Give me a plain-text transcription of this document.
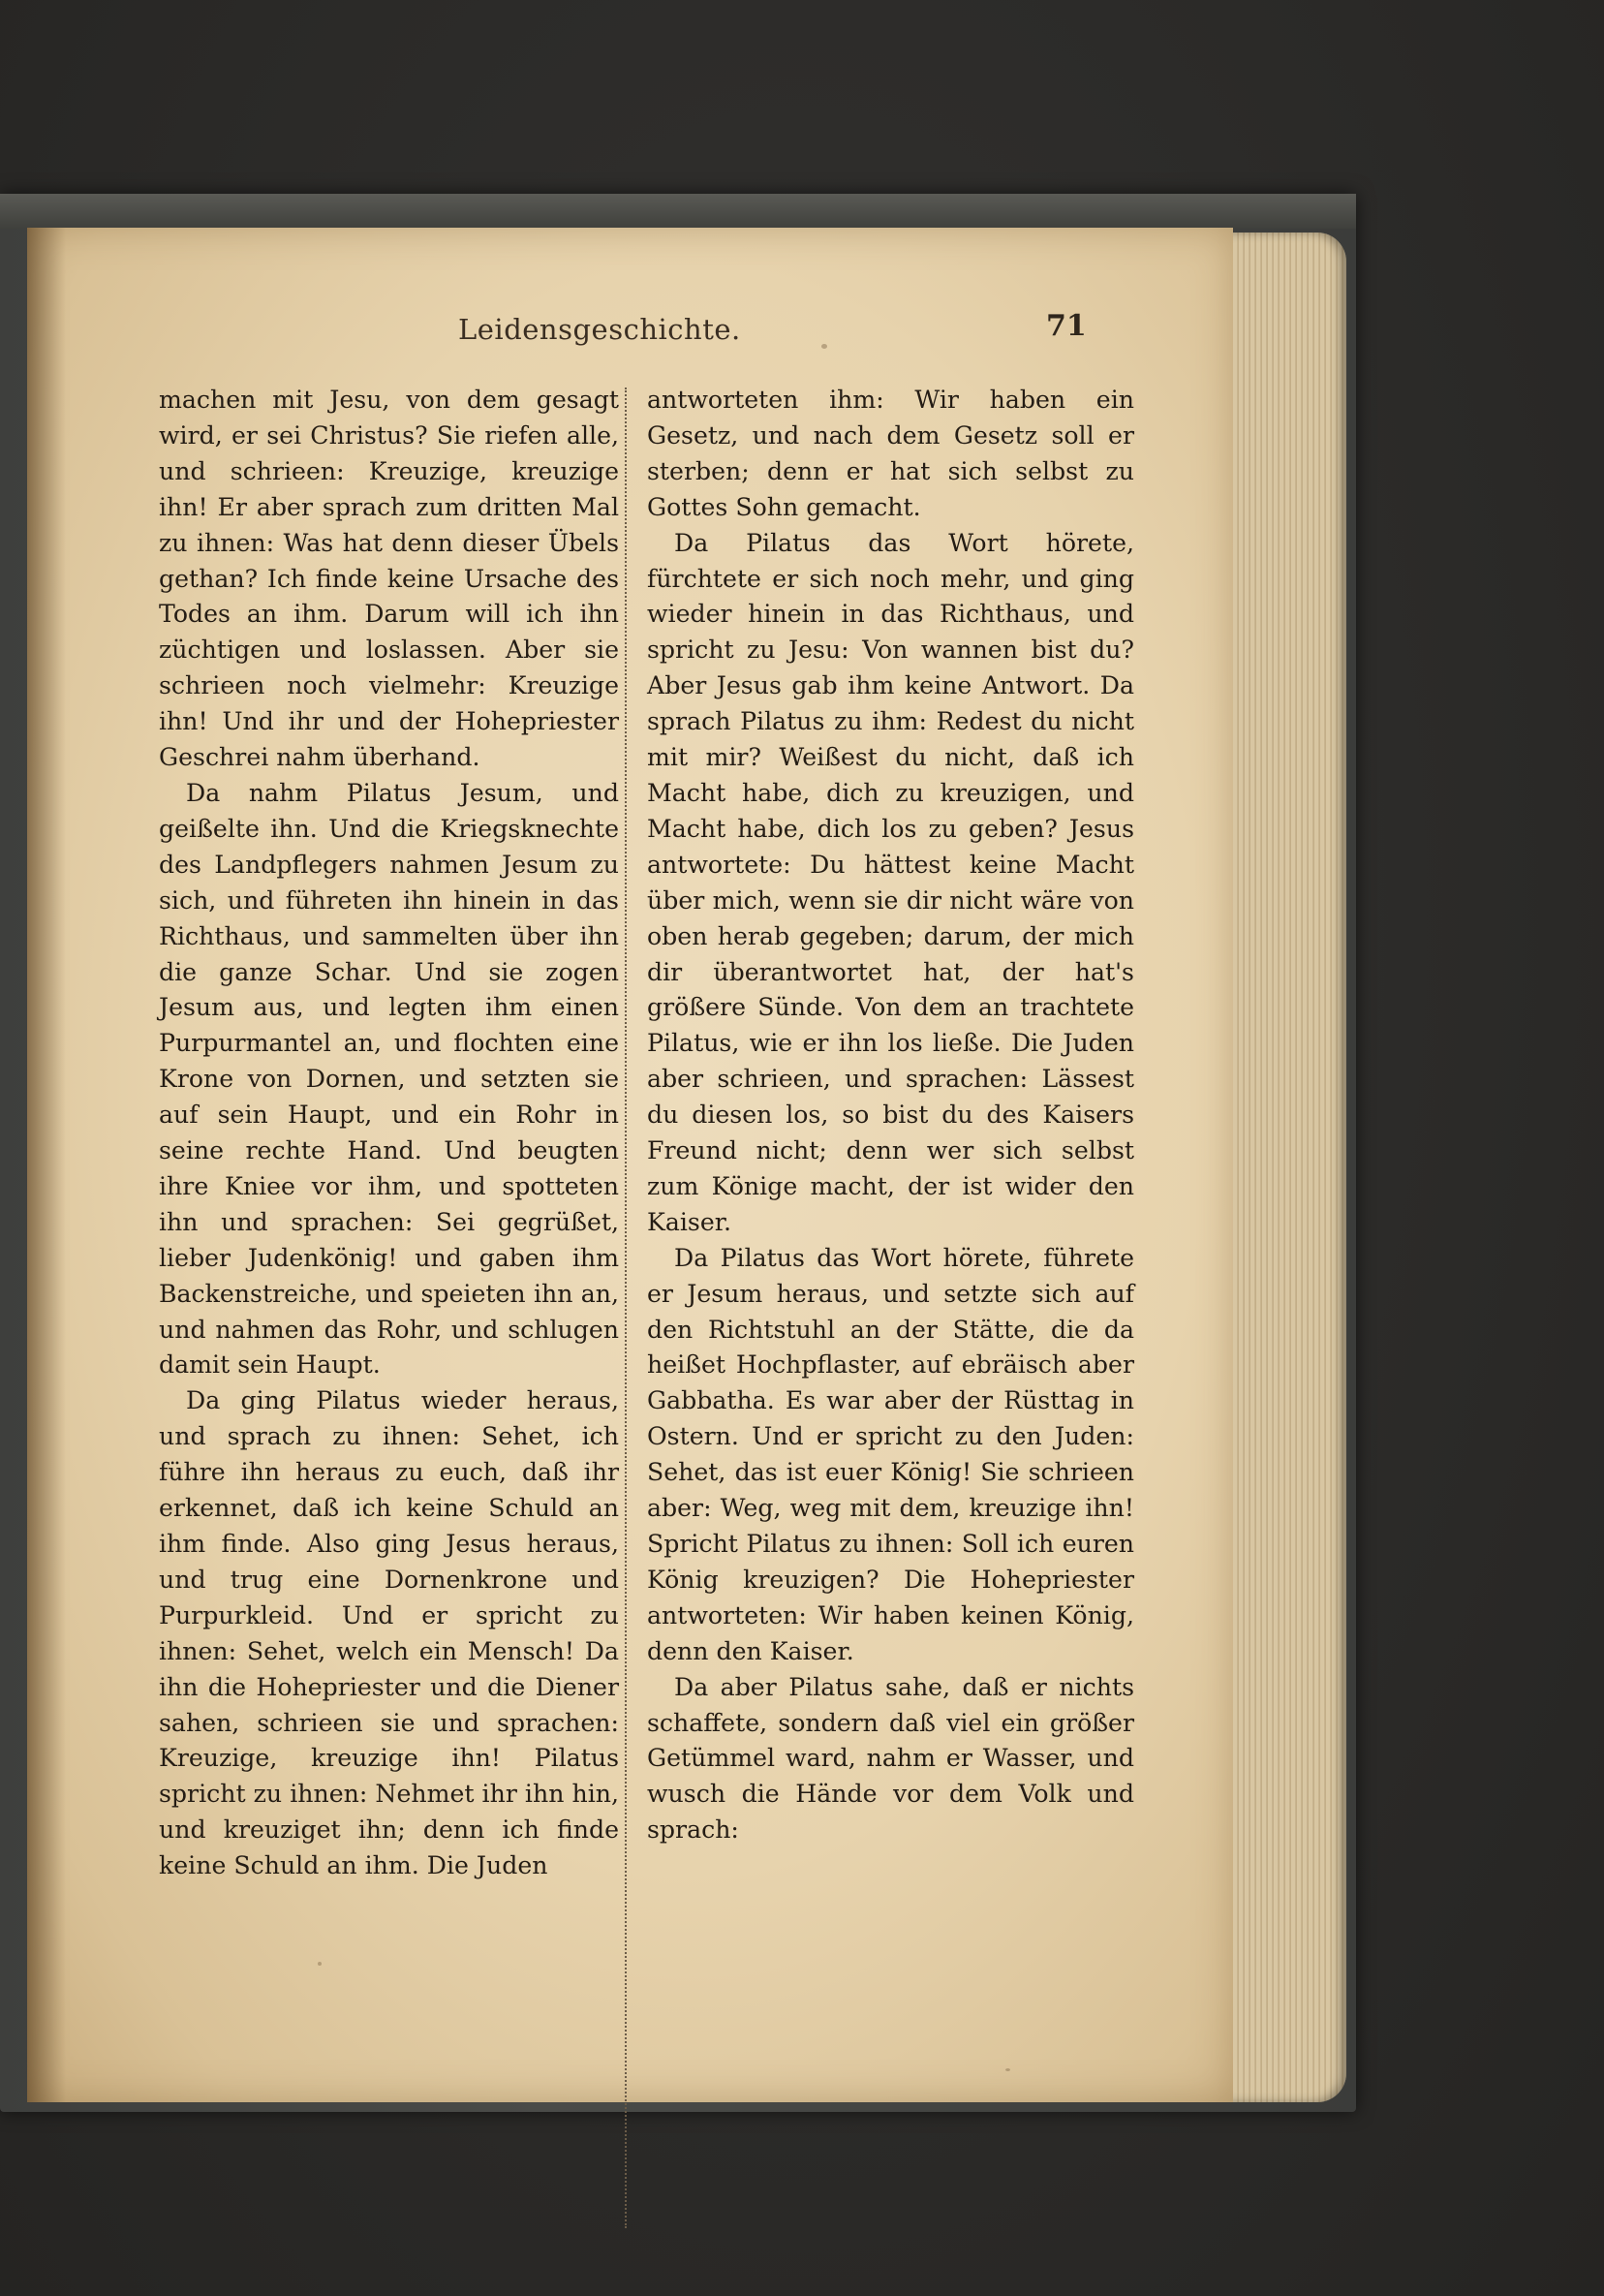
Leidensgeschichte.	71

machen mit Jesu, von dem gesagt wird, er sei Christus? Sie riefen alle, und schrieen: Kreuzige, kreuzige ihn! Er aber sprach zum dritten Mal zu ihnen: Was hat denn dieser Übels gethan? Ich finde keine Ursache des Todes an ihm. Darum will ich ihn züchtigen und loslassen. Aber sie schrieen noch vielmehr: Kreuzige ihn! Und ihr und der Hohepriester Geschrei nahm überhand.

Da nahm Pilatus Jesum, und geißelte ihn. Und die Kriegsknechte des Landpflegers nahmen Jesum zu sich, und führeten ihn hinein in das Richthaus, und sammelten über ihn die ganze Schar. Und sie zogen Jesum aus, und legten ihm einen Purpurmantel an, und flochten eine Krone von Dornen, und setzten sie auf sein Haupt, und ein Rohr in seine rechte Hand. Und beugten ihre Kniee vor ihm, und spotteten ihn und sprachen: Sei gegrüßet, lieber Judenkönig! und gaben ihm Backenstreiche, und speieten ihn an, und nahmen das Rohr, und schlugen damit sein Haupt.

Da ging Pilatus wieder heraus, und sprach zu ihnen: Sehet, ich führe ihn heraus zu euch, daß ihr erkennet, daß ich keine Schuld an ihm finde. Also ging Jesus heraus, und trug eine Dornenkrone und Purpurkleid. Und er spricht zu ihnen: Sehet, welch ein Mensch! Da ihn die Hohepriester und die Diener sahen, schrieen sie und sprachen: Kreuzige, kreuzige ihn! Pilatus spricht zu ihnen: Nehmet ihr ihn hin, und kreuziget ihn; denn ich finde keine Schuld an ihm. Die Juden

antworteten ihm: Wir haben ein Gesetz, und nach dem Gesetz soll er sterben; denn er hat sich selbst zu Gottes Sohn gemacht.

Da Pilatus das Wort hörete, fürchtete er sich noch mehr, und ging wieder hinein in das Richthaus, und spricht zu Jesu: Von wannen bist du? Aber Jesus gab ihm keine Antwort. Da sprach Pilatus zu ihm: Redest du nicht mit mir? Weißest du nicht, daß ich Macht habe, dich zu kreuzigen, und Macht habe, dich los zu geben? Jesus antwortete: Du hättest keine Macht über mich, wenn sie dir nicht wäre von oben herab gegeben; darum, der mich dir überantwortet hat, der hat's größere Sünde. Von dem an trachtete Pilatus, wie er ihn los ließe. Die Juden aber schrieen, und sprachen: Lässest du diesen los, so bist du des Kaisers Freund nicht; denn wer sich selbst zum Könige macht, der ist wider den Kaiser.

Da Pilatus das Wort hörete, führete er Jesum heraus, und setzte sich auf den Richtstuhl an der Stätte, die da heißet Hochpflaster, auf ebräisch aber Gabbatha. Es war aber der Rüsttag in Ostern. Und er spricht zu den Juden: Sehet, das ist euer König! Sie schrieen aber: Weg, weg mit dem, kreuzige ihn! Spricht Pilatus zu ihnen: Soll ich euren König kreuzigen? Die Hohepriester antworteten: Wir haben keinen König, denn den Kaiser.

Da aber Pilatus sahe, daß er nichts schaffete, sondern daß viel ein größer Getümmel ward, nahm er Wasser, und wusch die Hände vor dem Volk und sprach:
